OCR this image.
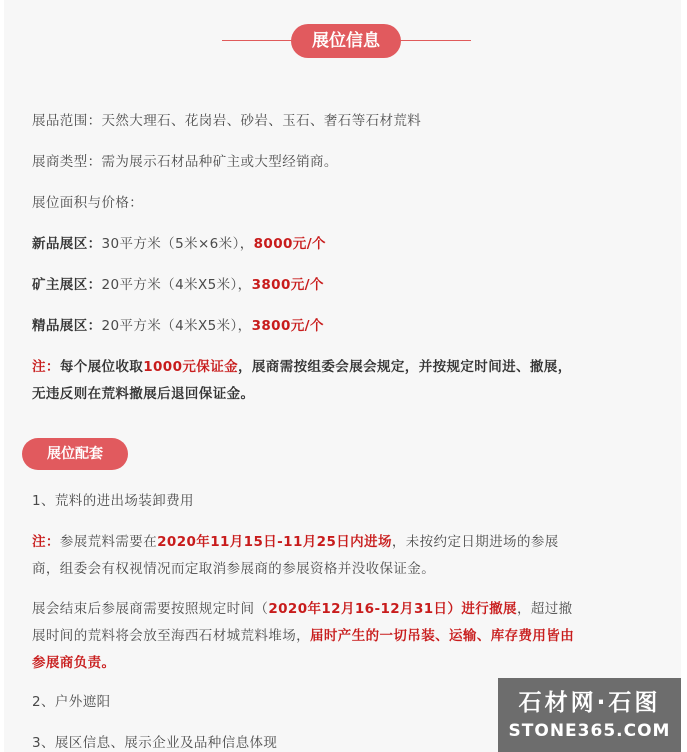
展位信息
展品范围：天然大理石、花岗岩、砂岩、玉石、奢石等石材荒料
展商类型：需为展示石材品种矿主或大型经销商。
展位面积与价格：
新品展区：30平方米（5米×6米），8000元/个
矿主展区：20平方米（4米X5米），3800元/个
精品展区：20平方米（4米X5米），3800元/个
注：每个展位收取1000元保证金，展商需按组委会展会规定，并按规定时间进、撤展，
无违反则在荒料撤展后退回保证金。
展位配套
1、荒料的进出场装卸费用
注：参展荒料需要在2020年11月15日-11月25日内进场，未按约定日期进场的参展
商，组委会有权视情况而定取消参展商的参展资格并没收保证金。
展会结束后参展商需要按照规定时间（2020年12月16-12月31日）进行撤展，超过撤
展时间的荒料将会放至海西石材城荒料堆场，届时产生的一切吊装、运输、库存费用皆由
参展商负责。
2、户外遮阳
3、展区信息、展示企业及品种信息体现
石材网·石图
STONE365.COM
